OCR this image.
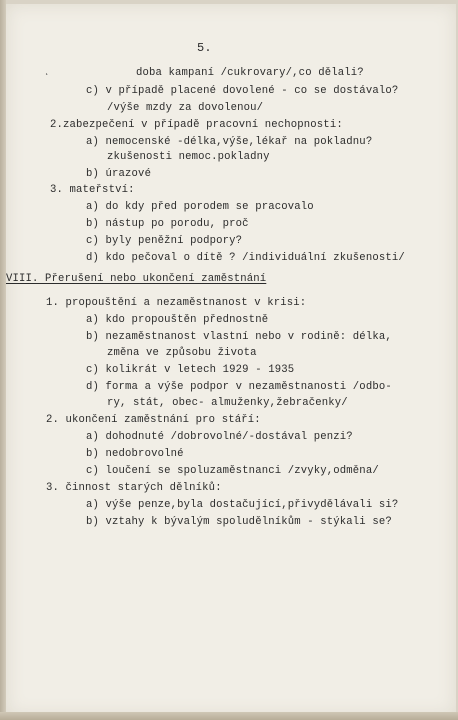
5.
˛	doba kampaní /cukrovary/,co dělali?
c) v případě placené dovolené - co se dostávalo?
/výše mzdy za dovolenou/
2.zabezpečení v případě pracovní nechopnosti:
a) nemocenské -délka,výše,lékař na pokladnu?
zkušenosti nemoc.pokladny
b) úrazové
3. mateřství:
a) do kdy před porodem se pracovalo
b) nástup po porodu, proč
c) byly peněžní podpory?
d) kdo pečoval o dítě ? /individuální zkušenosti/
VIII. Přerušení nebo ukončení zaměstnání
1. propouštění a nezaměstnanost v krisi:
a) kdo propouštěn přednostně
b) nezaměstnanost vlastní nebo v rodině: délka,
změna ve způsobu života
c) kolikrát v letech 1929 - 1935
d) forma a výše podpor v nezaměstnanosti /odbo-
ry, stát, obec- almuženky,žebračenky/
2. ukončení zaměstnání pro stáří:
a) dohodnuté /dobrovolné/-dostával penzi?
b) nedobrovolné
c) loučení se spoluzaměstnanci /zvyky,odměna/
3. činnost starých dělníků:
a) výše penze,byla dostačující,přivydělávali si?
b) vztahy k bývalým spoludělníkům - stýkali se?
